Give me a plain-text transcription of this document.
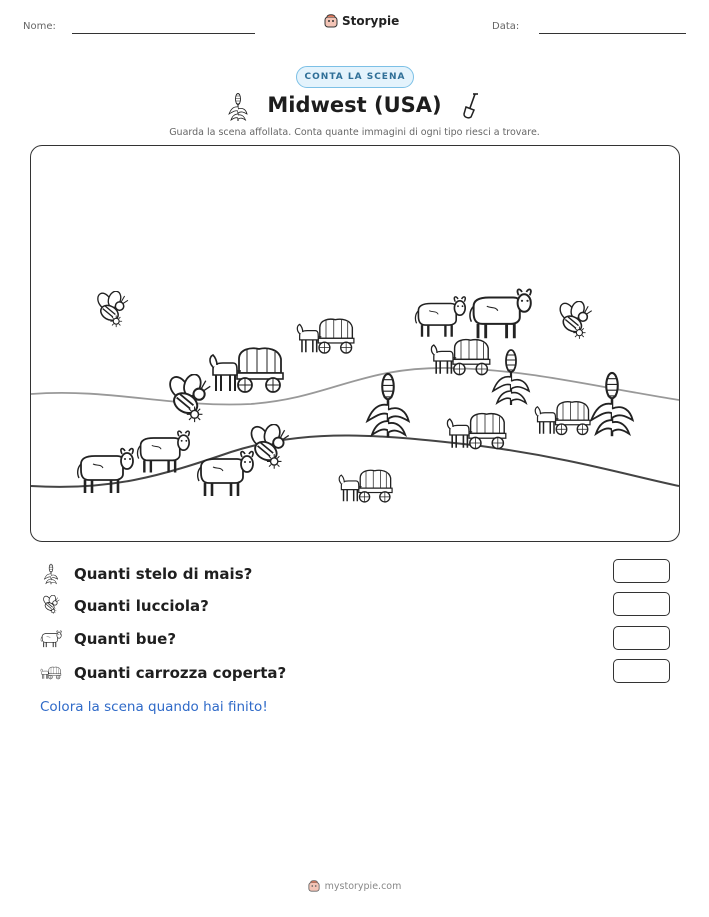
Nome:	Storypie	Data:
CONTA LA SCENA
Midwest (USA)
Guarda la scena affollata. Conta quante immagini di ogni tipo riesci a trovare.
Quanti stelo di mais?
Quanti lucciola?
Quanti bue?
Quanti carrozza coperta?
Colora la scena quando hai finito!
mystorypie.com
